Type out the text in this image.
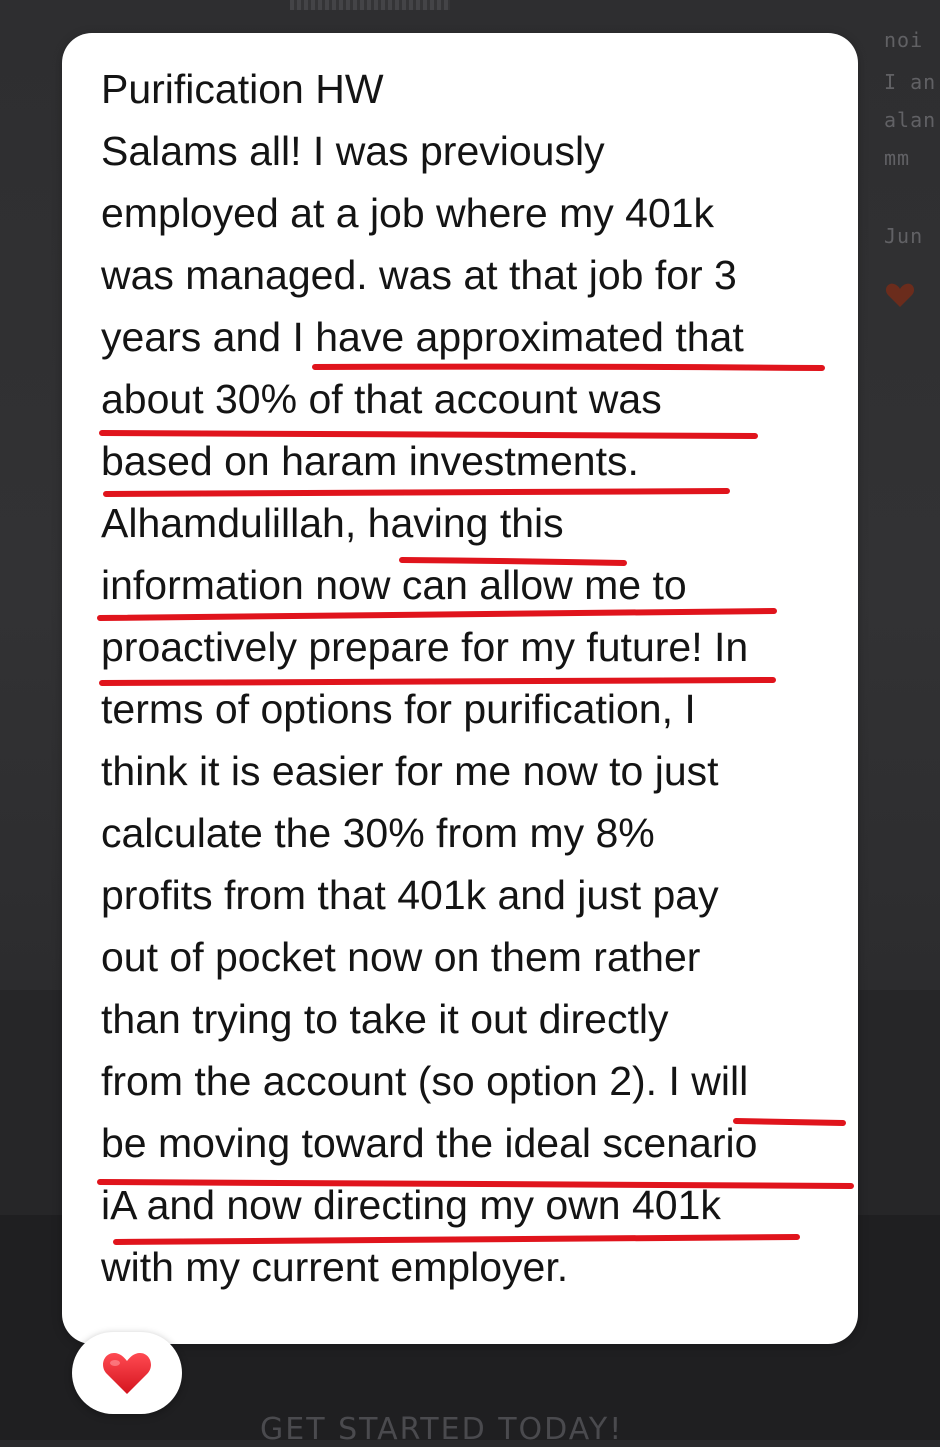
noi
I an
alan
mm
Jun
GET STARTED TODAY!
Purification HW
Salams all! I was previously
employed at a job where my 401k
was managed. was at that job for 3
years and I have approximated that
about 30% of that account was
based on haram investments.
Alhamdulillah, having this
information now can allow me to
proactively prepare for my future! In
terms of options for purification, I
think it is easier for me now to just
calculate the 30% from my 8%
profits from that 401k and just pay
out of pocket now on them rather
than trying to take it out directly
from the account (so option 2). I will
be moving toward the ideal scenario
iA and now directing my own 401k
with my current employer.
